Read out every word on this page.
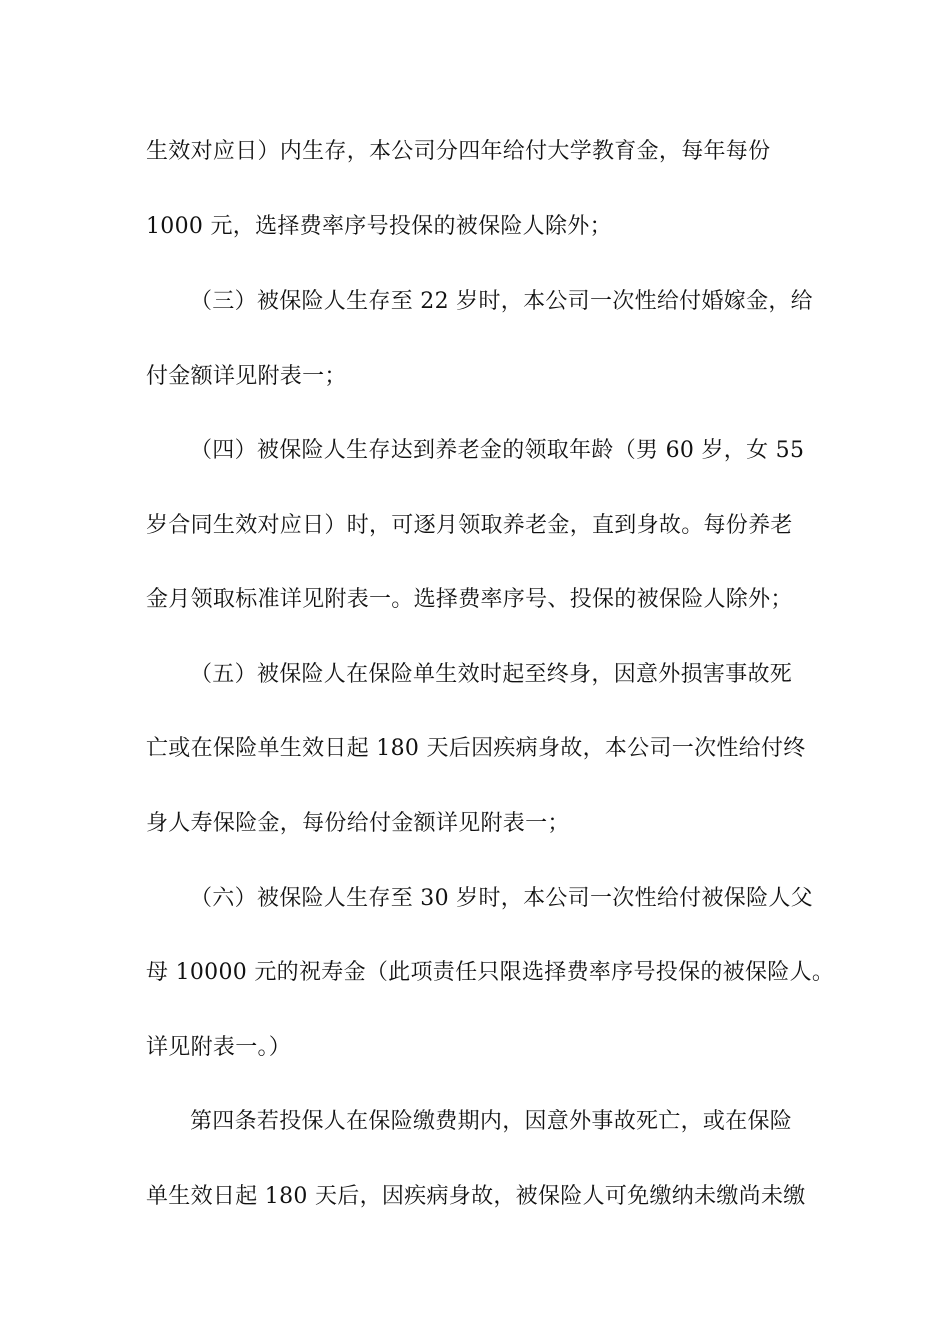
生效对应日）内生存，本公司分四年给付大学教育金，每年每份
1000 元，选择费率序号投保的被保险人除外；
（三）被保险人生存至 22 岁时，本公司一次性给付婚嫁金，给
付金额详见附表一；
（四）被保险人生存达到养老金的领取年龄（男 60 岁，女 55
岁合同生效对应日）时，可逐月领取养老金，直到身故。每份养老
金月领取标准详见附表一。选择费率序号、投保的被保险人除外；
（五）被保险人在保险单生效时起至终身，因意外损害事故死
亡或在保险单生效日起 180 天后因疾病身故，本公司一次性给付终
身人寿保险金，每份给付金额详见附表一；
（六）被保险人生存至 30 岁时，本公司一次性给付被保险人父
母 10000 元的祝寿金（此项责任只限选择费率序号投保的被保险人。
详见附表一。）
第四条若投保人在保险缴费期内，因意外事故死亡，或在保险
单生效日起 180 天后，因疾病身故，被保险人可免缴纳未缴尚未缴
